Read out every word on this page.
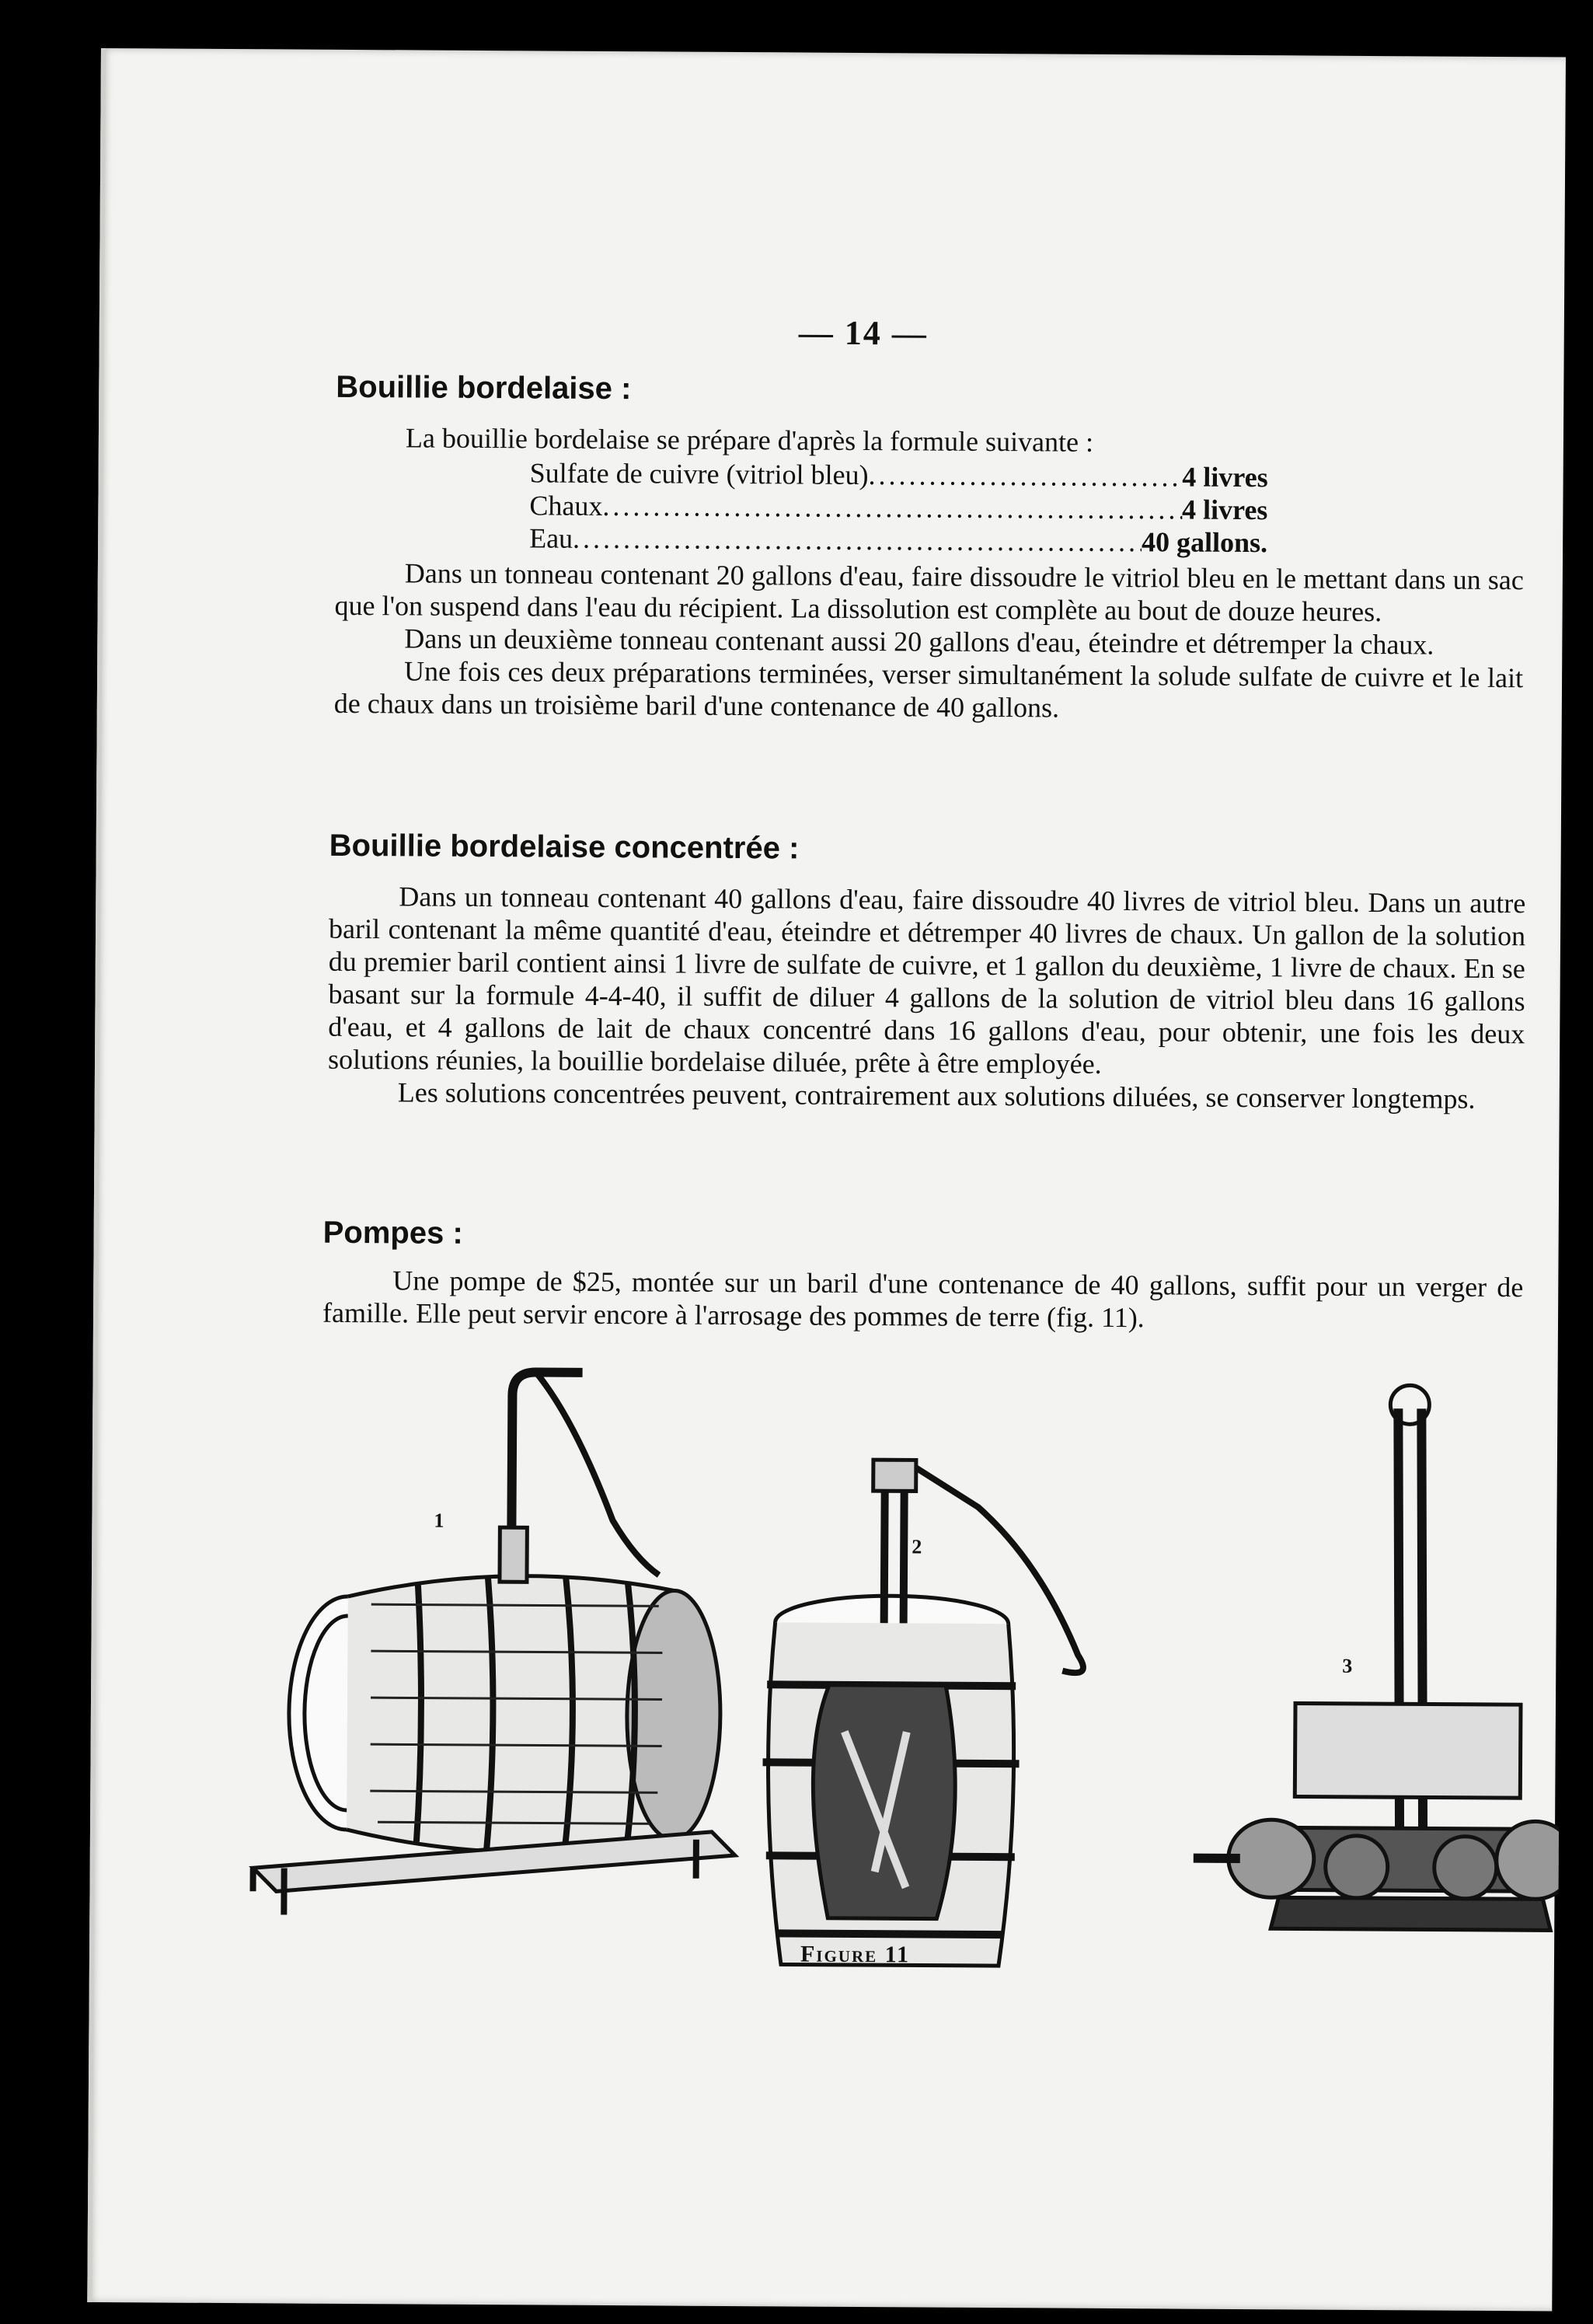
— 14 —
Bouillie bordelaise :

La bouillie bordelaise se prépare d'après la formule suivante :

Sulfate de cuivre (vitriol bleu) .....	4 livres
Chaux .....	4 livres
Eau .....	40 gallons.

Dans un tonneau contenant 20 gallons d'eau, faire dissoudre le vitriol bleu en le mettant dans un sac que l'on suspend dans l'eau du récipient. La dissolution est complète au bout de douze heures.

Dans un deuxième tonneau contenant aussi 20 gallons d'eau, éteindre et détremper la chaux.

Une fois ces deux préparations terminées, verser simultanément la solude sulfate de cuivre et le lait de chaux dans un troisième baril d'une contenance de 40 gallons.

Bouillie bordelaise concentrée :

Dans un tonneau contenant 40 gallons d'eau, faire dissoudre 40 livres de vitriol bleu. Dans un autre baril contenant la même quantité d'eau, éteindre et détremper 40 livres de chaux. Un gallon de la solution du premier baril contient ainsi 1 livre de sulfate de cuivre, et 1 gallon du deuxième, 1 livre de chaux. En se basant sur la formule 4-4-40, il suffit de diluer 4 gallons de la solution de vitriol bleu dans 16 gallons d'eau, et 4 gallons de lait de chaux concentré dans 16 gallons d'eau, pour obtenir, une fois les deux solutions réunies, la bouillie bordelaise diluée, prête à être employée.

Les solutions concentrées peuvent, contrairement aux solutions diluées, se conserver longtemps.

Pompes :

Une pompe de $25, montée sur un baril d'une contenance de 40 gallons, suffit pour un verger de famille. Elle peut servir encore à l'arrosage des pommes de terre (fig. 11).

1
2
3
Figure 11
